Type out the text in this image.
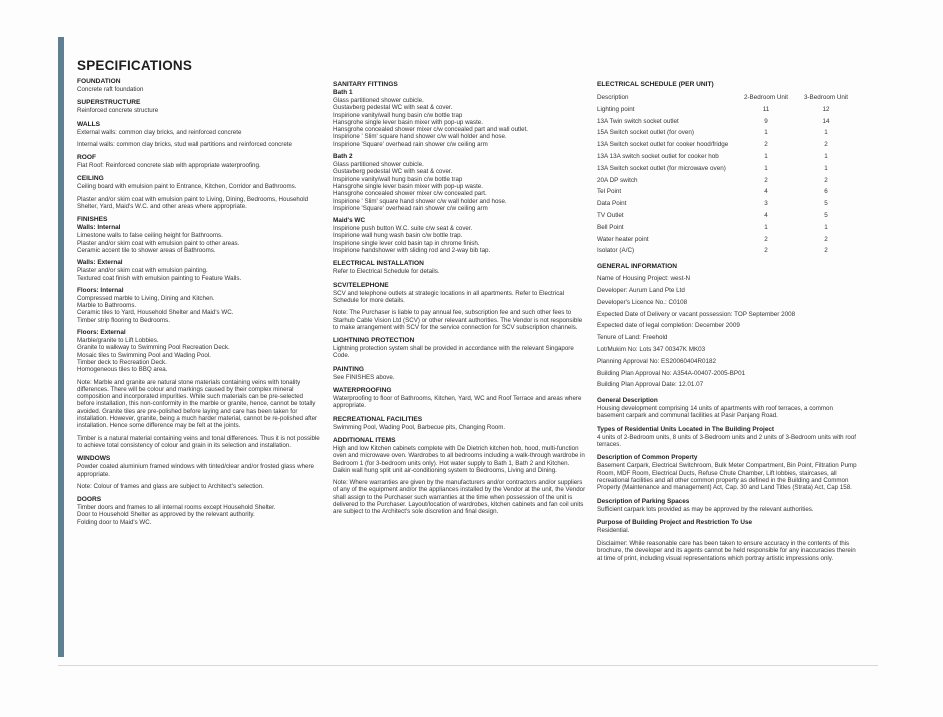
SPECIFICATIONS
FOUNDATION
Concrete raft foundation
SUPERSTRUCTURE
Reinforced concrete structure
WALLS
External walls: common clay bricks, and reinforced concrete
Internal walls: common clay bricks, stud wall partitions and reinforced concrete
ROOF
Flat Roof: Reinforced concrete slab with appropriate waterproofing.
CEILING
Ceiling board with emulsion paint to Entrance, Kitchen, Corridor and Bathrooms.
Plaster and/or skim coat with emulsion paint to Living, Dining, Bedrooms, Household Shelter, Yard, Maid's W.C. and other areas where appropriate.
FINISHES
Walls: Internal
Limestone walls to false ceiling height for Bathrooms.
Plaster and/or skim coat with emulsion paint to other areas.
Ceramic accent tile to shower areas of Bathrooms.
Walls: External
Plaster and/or skim coat with emulsion painting.
Textured coat finish with emulsion painting to Feature Walls.
Floors: Internal
Compressed marble to Living, Dining and Kitchen.
Marble to Bathrooms.
Ceramic tiles to Yard, Household Shelter and Maid's WC.
Timber strip flooring to Bedrooms.
Floors: External
Marble/granite to Lift Lobbies.
Granite to walkway to Swimming Pool Recreation Deck.
Mosaic tiles to Swimming Pool and Wading Pool.
Timber deck to Recreation Deck.
Homogeneous tiles to BBQ area.
Note: Marble and granite are natural stone materials containing veins with tonality differences. There will be colour and markings caused by their complex mineral composition and incorporated impurities. While such materials can be pre-selected before installation, this non-conformity in the marble or granite, hence, cannot be totally avoided. Granite tiles are pre-polished before laying and care has been taken for installation. However, granite, being a much harder material, cannot be re-polished after installation. Hence some difference may be felt at the joints.
Timber is a natural material containing veins and tonal differences. Thus it is not possible to achieve total consistency of colour and grain in its selection and installation.
WINDOWS
Powder coated aluminium framed windows with tinted/clear and/or frosted glass where appropriate.
Note: Colour of frames and glass are subject to Architect's selection.
DOORS
Timber doors and frames to all internal rooms except Household Shelter.
Door to Household Shelter as approved by the relevant authority.
Folding door to Maid's WC.
SANITARY FITTINGS
Bath 1
Glass partitioned shower cubicle.
Gustavberg pedestal WC with seat & cover.
Inspirione vanity/wall hung basin c/w bottle trap
Hansgrohe single lever basin mixer with pop-up waste.
Hansgrohe concealed shower mixer c/w concealed part and wall outlet.
Inspirione ' Slim' square hand shower c/w wall holder and hose.
Inspirione 'Square' overhead rain shower c/w ceiling arm
Bath 2
Glass partitioned shower cubicle.
Gustavberg pedestal WC with seat & cover.
Inspirione vanity/wall hung basin c/w bottle trap
Hansgrohe single lever basin mixer with pop-up waste.
Hansgrohe concealed shower mixer c/w concealed part.
Inspirione ' Slim' square hand shower c/w wall holder and hose.
Inspirione 'Square' overhead rain shower c/w ceiling arm
Maid's WC
Inspirione push button W.C. suite c/w seat & cover.
Inspirione wall hung wash basin c/w bottle trap.
Inspirione single lever cold basin tap in chrome finish.
Inspirione handshower with sliding rod and 2-way bib tap.
ELECTRICAL INSTALLATION
Refer to Electrical Schedule for details.
SCV/TELEPHONE
SCV and telephone outlets at strategic locations in all apartments. Refer to Electrical Schedule for more details.
Note: The Purchaser is liable to pay annual fee, subscription fee and such other fees to Starhub Cable Vision Ltd (SCV) or other relevant authorities. The Vendor is not responsible to make arrangement with SCV for the service connection for SCV subscription channels.
LIGHTNING PROTECTION
Lightning protection system shall be provided in accordance with the relevant Singapore Code.
PAINTING
See FINISHES above.
WATERPROOFING
Waterproofing to floor of Bathrooms, Kitchen, Yard, WC and Roof Terrace and areas where appropriate.
RECREATIONAL FACILITIES
Swimming Pool, Wading Pool, Barbecue pits, Changing Room.
ADDITIONAL ITEMS
High and low Kitchen cabinets complete with De Dietrich kitchen hob, hood, multi-function oven and microwave oven. Wardrobes to all bedrooms including a walk-through wardrobe in Bedroom 1 (for 3-bedroom units only). Hot water supply to Bath 1, Bath 2 and Kitchen. Daikin wall hung split unit air-conditioning system to Bedrooms, Living and Dining.
Note: Where warranties are given by the manufacturers and/or contractors and/or suppliers of any of the equipment and/or the appliances installed by the Vendor at the unit, the Vendor shall assign to the Purchaser such warranties at the time when possession of the unit is delivered to the Purchaser. Layout/location of wardrobes, kitchen cabinets and fan coil units are subject to the Architect's sole discretion and final design.
ELECTRICAL SCHEDULE (PER UNIT)
Description	2-Bedroom Unit	3-Bedroom Unit
Lighting point	11	12
13A Twin switch socket outlet	9	14
15A Switch socket outlet (for oven)	1	1
13A Switch socket outlet for cooker hood/fridge	2	2
13A 13A switch socket outlet for cooker hob	1	1
13A Switch socket outlet (for microwave oven)	1	1
20A DP switch	2	2
Tel Point	4	6
Data Point	3	5
TV Outlet	4	5
Bell Point	1	1
Water heater point	2	2
Isolator (A/C)	2	2
GENERAL INFORMATION
Name of Housing Project: west-N
Developer: Aurum Land Pte Ltd
Developer's Licence No.: C0108
Expected Date of Delivery or vacant possession: TOP September 2008
Expected date of legal completion: December 2009
Tenure of Land: Freehold
Lot/Mukim No: Lots 347 00347K MK03
Planning Approval No: ES20060404R0182
Building Plan Approval No: A354A-00407-2005-BP01
Building Plan Approval Date: 12.01.07
General Description
Housing development comprising 14 units of apartments with roof terraces, a common basement carpark and communal facilities at Pasir Panjang Road.
Types of Residential Units Located in The Building Project
4 units of 2-Bedroom units, 8 units of 3-Bedroom units and 2 units of 3-Bedroom units with roof terraces.
Description of Common Property
Basement Carpark, Electrical Switchroom, Bulk Meter Compartment, Bin Point, Filtration Pump Room, MDF Room, Electrical Ducts, Refuse Chute Chamber, Lift lobbies, staircases, all recreational facilities and all other common property as defined in the Building and Common Property (Maintenance and management) Act, Cap. 30 and Land Titles (Strata) Act, Cap 158.
Description of Parking Spaces
Sufficient carpark lots provided as may be approved by the relevant authorities.
Purpose of Building Project and Restriction To Use
Residential.
Disclaimer: While reasonable care has been taken to ensure accuracy in the contents of this brochure, the developer and its agents cannot be held responsible for any inaccuracies therein at time of print, including visual representations which portray artistic impressions only.
